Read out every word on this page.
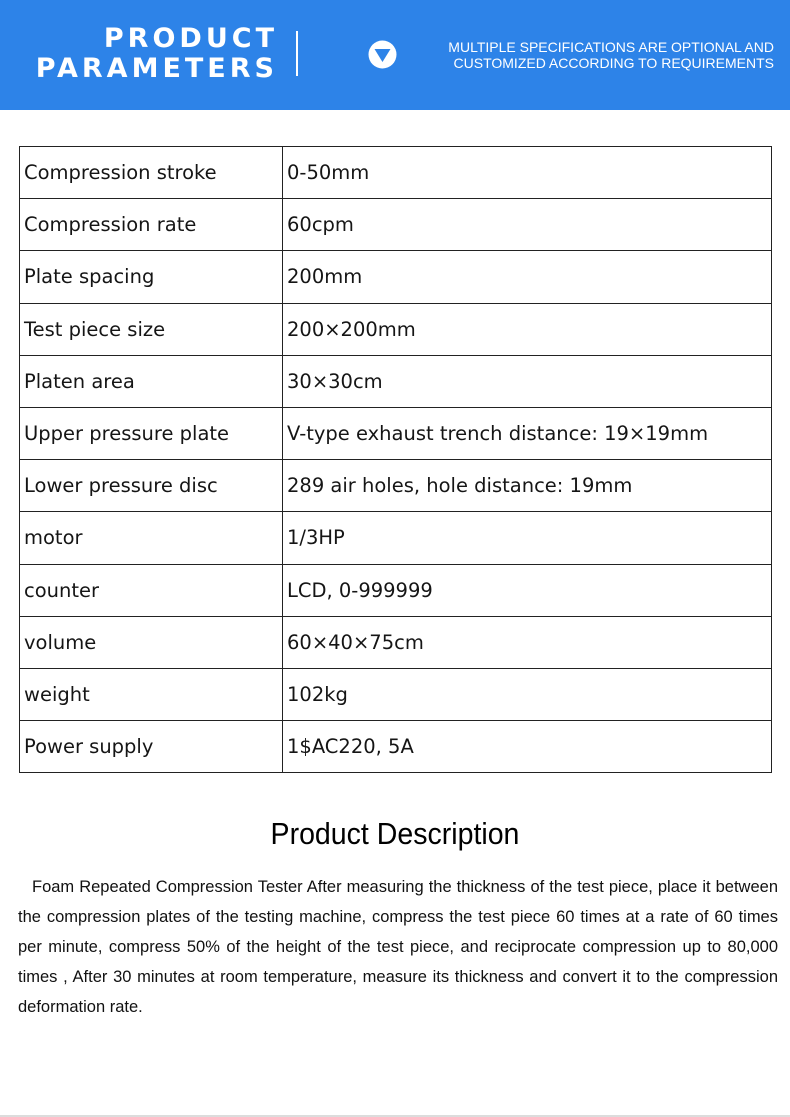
PRODUCT
PARAMETERS
MULTIPLE SPECIFICATIONS ARE OPTIONAL AND
CUSTOMIZED ACCORDING TO REQUIREMENTS
Compression stroke	0-50mm
Compression rate	60cpm
Plate spacing	200mm
Test piece size	200×200mm
Platen area	30×30cm
Upper pressure plate	V-type exhaust trench distance: 19×19mm
Lower pressure disc	289 air holes, hole distance: 19mm
motor	1/3HP
counter	LCD, 0-999999
volume	60×40×75cm
weight	102kg
Power supply	1$AC220, 5A
Product Description
Foam Repeated Compression Tester After measuring the thickness of the test piece, place it between the compression plates of the testing machine, compress the test piece 60 times at a rate of 60 times per minute, compress 50% of the height of the test piece, and reciprocate compression up to 80,000 times , After 30 minutes at room temperature, measure its thickness and convert it to the compression deformation rate.
